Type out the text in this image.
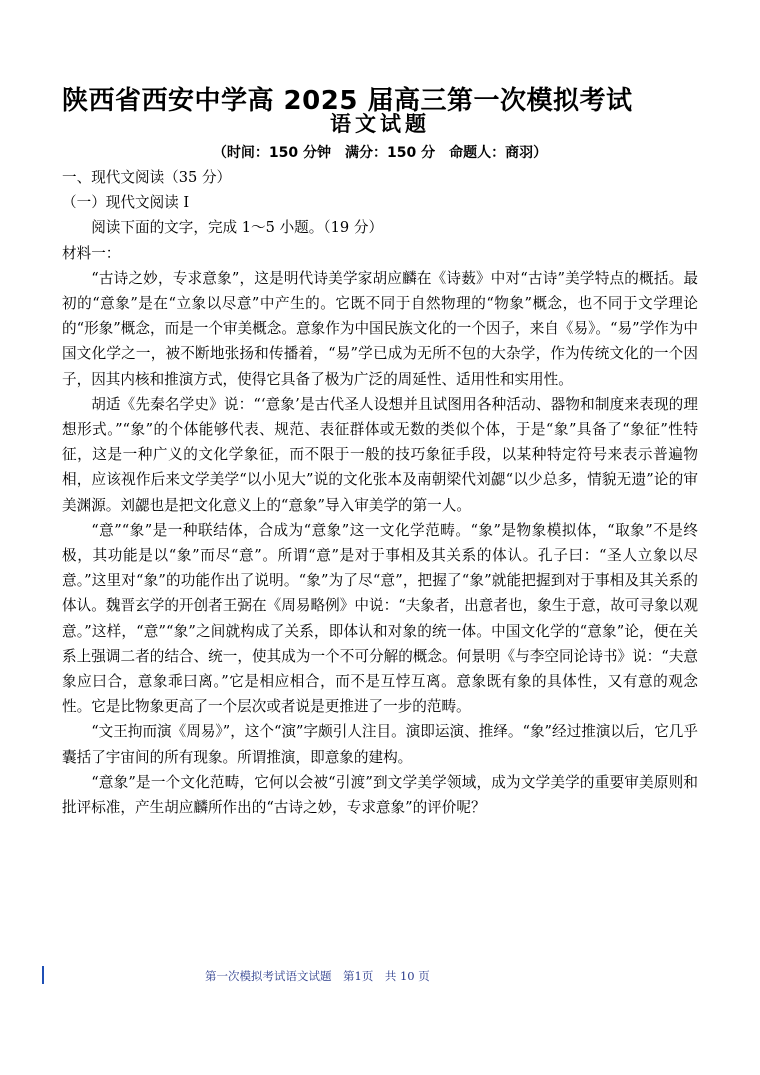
陕西省西安中学高 2025 届高三第一次模拟考试
语文试题
（时间：150 分钟　满分：150 分　命题人：商羽）

一、现代文阅读（35 分）

（一）现代文阅读 I

阅读下面的文字，完成 1～5 小题。（19 分）

材料一：

“古诗之妙，专求意象”，这是明代诗美学家胡应麟在《诗薮》中对“古诗”美学特点的概括。最初的“意象”是在“立象以尽意”中产生的。它既不同于自然物理的“物象”概念，也不同于文学理论的“形象”概念，而是一个审美概念。意象作为中国民族文化的一个因子，来自《易》。“易”学作为中国文化学之一，被不断地张扬和传播着，“易”学已成为无所不包的大杂学，作为传统文化的一个因子，因其内核和推演方式，使得它具备了极为广泛的周延性、适用性和实用性。

胡适《先秦名学史》说：“‘意象’是古代圣人设想并且试图用各种活动、器物和制度来表现的理想形式。”“象”的个体能够代表、规范、表征群体或无数的类似个体，于是“象”具备了“象征”性特征，这是一种广义的文化学象征，而不限于一般的技巧象征手段，以某种特定符号来表示普遍物相，应该视作后来文学美学“以小见大”说的文化张本及南朝梁代刘勰“以少总多，情貌无遗”论的审美渊源。刘勰也是把文化意义上的“意象”导入审美学的第一人。

“意”“象”是一种联结体，合成为“意象”这一文化学范畴。“象”是物象模拟体，“取象”不是终极，其功能是以“象”而尽“意”。所谓“意”是对于事相及其关系的体认。孔子曰：“圣人立象以尽意。”这里对“象”的功能作出了说明。“象”为了尽“意”，把握了“象”就能把握到对于事相及其关系的体认。魏晋玄学的开创者王弼在《周易略例》中说：“夫象者，出意者也，象生于意，故可寻象以观意。”这样，“意”“象”之间就构成了关系，即体认和对象的统一体。中国文化学的“意象”论，便在关系上强调二者的结合、统一，使其成为一个不可分解的概念。何景明《与李空同论诗书》说：“夫意象应曰合，意象乖曰离。”它是相应相合，而不是互悖互离。意象既有象的具体性，又有意的观念性。它是比物象更高了一个层次或者说是更推进了一步的范畴。

“文王拘而演《周易》”，这个“演”字颇引人注目。演即运演、推绎。“象”经过推演以后，它几乎囊括了宇宙间的所有现象。所谓推演，即意象的建构。

“意象”是一个文化范畴，它何以会被“引渡”到文学美学领域，成为文学美学的重要审美原则和批评标准，产生胡应麟所作出的“古诗之妙，专求意象”的评价呢？

第一次模拟考试语文试题　第1页　共 10 页
